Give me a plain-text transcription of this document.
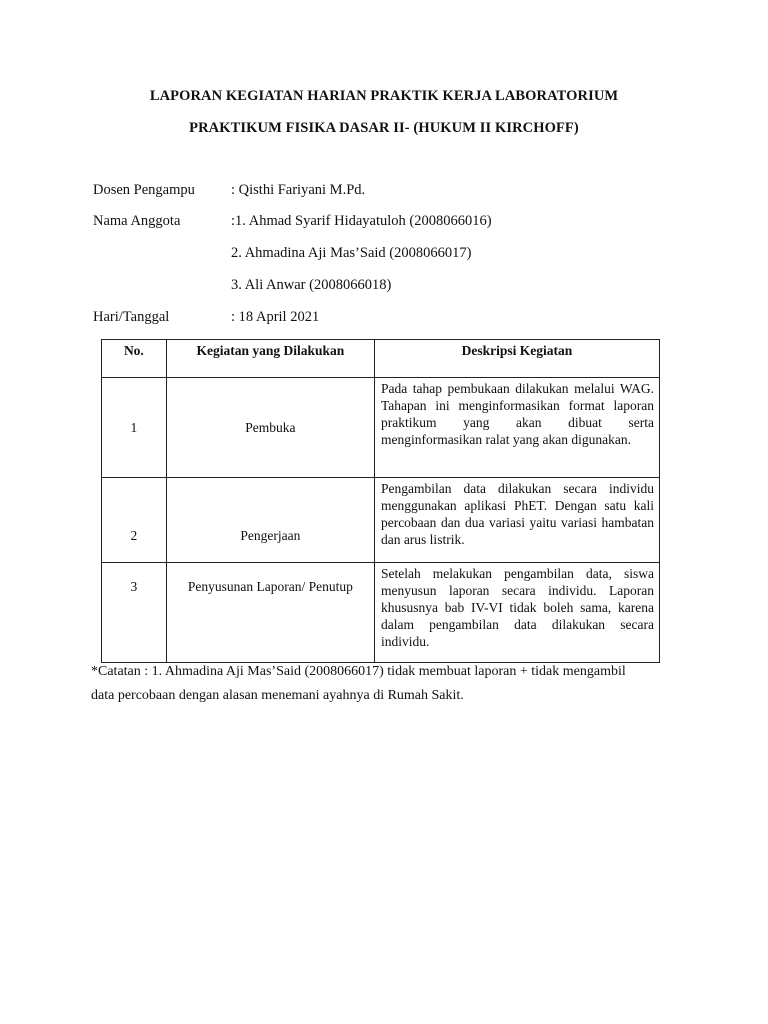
LAPORAN KEGIATAN HARIAN PRAKTIK KERJA LABORATORIUM
PRAKTIKUM FISIKA DASAR II- (HUKUM II KIRCHOFF)
Dosen Pengampu : Qisthi Fariyani M.Pd.
Nama Anggota	:1. Ahmad Syarif Hidayatuloh (2008066016)
2. Ahmadina Aji Mas’Said (2008066017)
3. Ali Anwar (2008066018)
Hari/Tanggal	: 18 April 2021
No.	Kegiatan yang Dilakukan	Deskripsi Kegiatan
1	Pembuka	Pada tahap pembukaan dilakukan melalui WAG. Tahapan ini menginformasikan format laporan praktikum yang akan dibuat serta menginformasikan ralat yang akan digunakan.

2	Pengerjaan	Pengambilan data dilakukan secara individu menggunakan aplikasi PhET. Dengan satu kali percobaan dan dua variasi yaitu variasi hambatan dan arus listrik.

3	Penyusunan Laporan/ Penutup	Setelah melakukan pengambilan data, siswa menyusun laporan secara individu. Laporan khususnya bab IV-VI tidak boleh sama, karena dalam pengambilan data dilakukan secara individu.
*Catatan : 1. Ahmadina Aji Mas’Said (2008066017) tidak membuat laporan + tidak mengambil data percobaan dengan alasan menemani ayahnya di Rumah Sakit.
